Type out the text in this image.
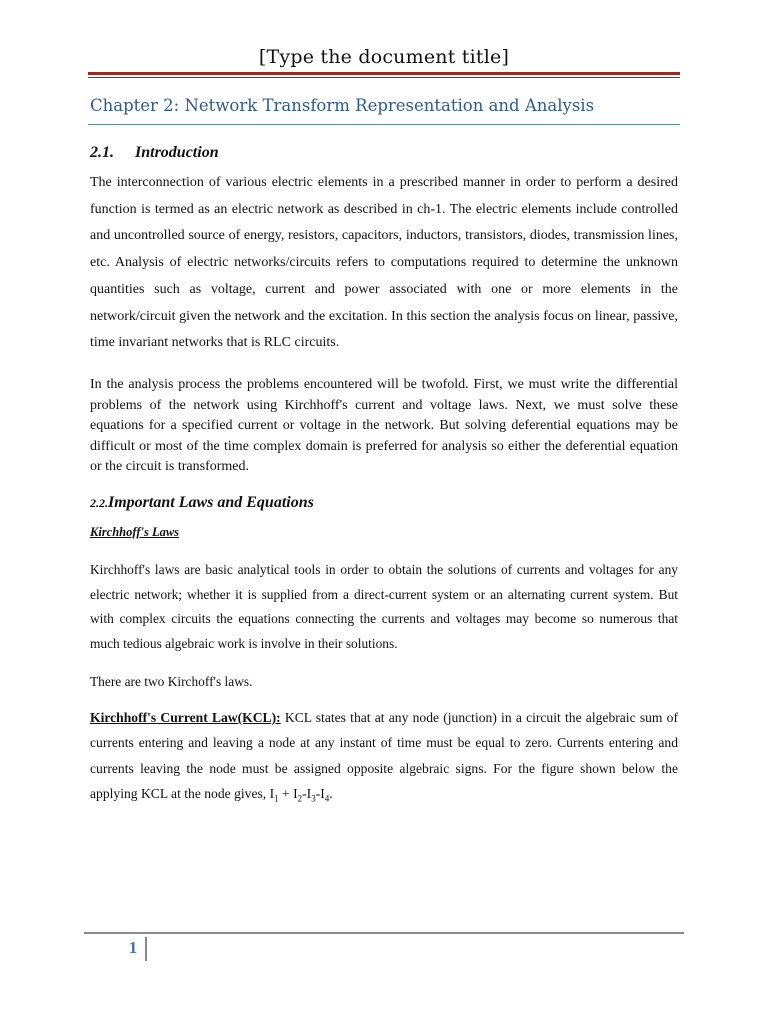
[Type the document title]
Chapter 2: Network Transform Representation and Analysis
2.1. Introduction

The interconnection of various electric elements in a prescribed manner in order to perform a desired function is termed as an electric network as described in ch-1. The electric elements include controlled and uncontrolled source of energy, resistors, capacitors, inductors, transistors, diodes, transmission lines, etc. Analysis of electric networks/circuits refers to computations required to determine the unknown quantities such as voltage, current and power associated with one or more elements in the network/circuit given the network and the excitation. In this section the analysis focus on linear, passive, time invariant networks that is RLC circuits.

In the analysis process the problems encountered will be twofold. First, we must write the differential problems of the network using Kirchhoff's current and voltage laws. Next, we must solve these equations for a specified current or voltage in the network. But solving deferential equations may be difficult or most of the time complex domain is preferred for analysis so either the deferential equation or the circuit is transformed.

2.2.Important Laws and Equations
Kirchhoff's Laws

Kirchhoff's laws are basic analytical tools in order to obtain the solutions of currents and voltages for any electric network; whether it is supplied from a direct-current system or an alternating current system. But with complex circuits the equations connecting the currents and voltages may become so numerous that much tedious algebraic work is involve in their solutions.

There are two Kirchoff's laws.

Kirchhoff's Current Law(KCL): KCL states that at any node (junction) in a circuit the algebraic sum of currents entering and leaving a node at any instant of time must be equal to zero. Currents entering and currents leaving the node must be assigned opposite algebraic signs. For the figure shown below the applying KCL at the node gives, $I_1 + I_2-I_3-I_4$.

1
